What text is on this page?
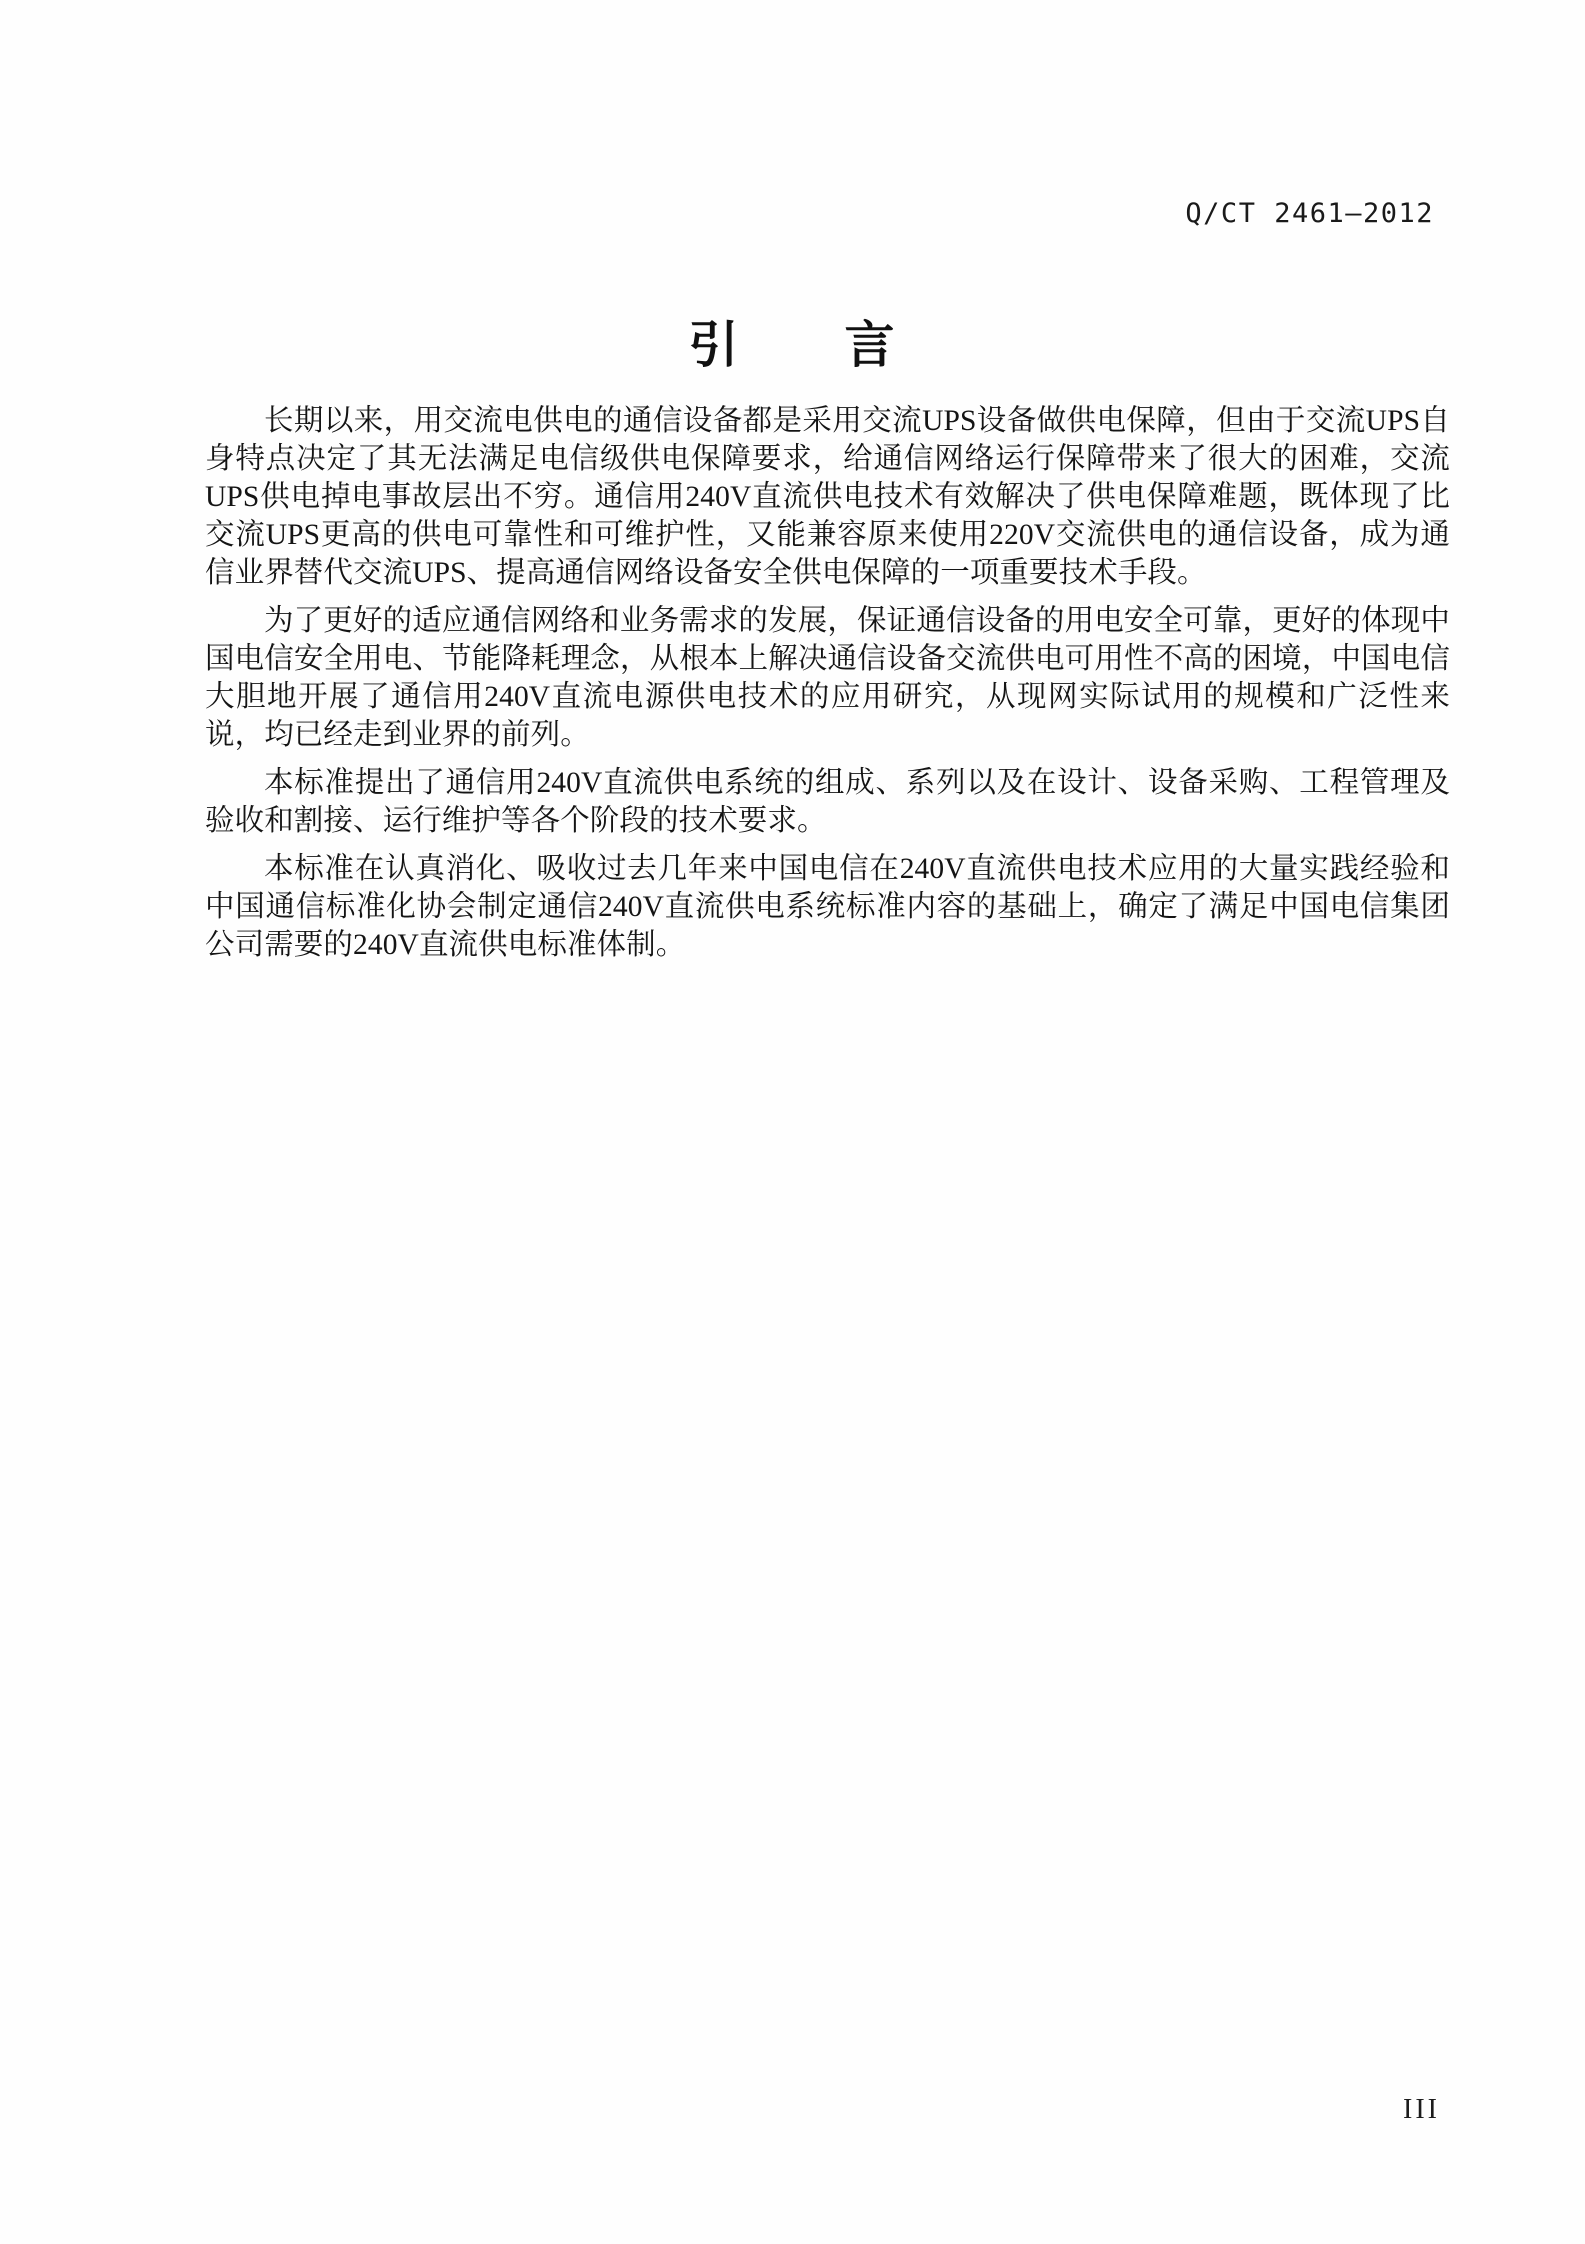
Q/CT 2461—2012
引　　言

长期以来，用交流电供电的通信设备都是采用交流UPS设备做供电保障，但由于交流UPS自身特点决定了其无法满足电信级供电保障要求，给通信网络运行保障带来了很大的困难，交流UPS供电掉电事故层出不穷。通信用240V直流供电技术有效解决了供电保障难题，既体现了比交流UPS更高的供电可靠性和可维护性，又能兼容原来使用220V交流供电的通信设备，成为通信业界替代交流UPS、提高通信网络设备安全供电保障的一项重要技术手段。

为了更好的适应通信网络和业务需求的发展，保证通信设备的用电安全可靠，更好的体现中国电信安全用电、节能降耗理念，从根本上解决通信设备交流供电可用性不高的困境，中国电信大胆地开展了通信用240V直流电源供电技术的应用研究，从现网实际试用的规模和广泛性来说，均已经走到业界的前列。

本标准提出了通信用240V直流供电系统的组成、系列以及在设计、设备采购、工程管理及验收和割接、运行维护等各个阶段的技术要求。

本标准在认真消化、吸收过去几年来中国电信在240V直流供电技术应用的大量实践经验和中国通信标准化协会制定通信240V直流供电系统标准内容的基础上，确定了满足中国电信集团公司需要的240V直流供电标准体制。

III
